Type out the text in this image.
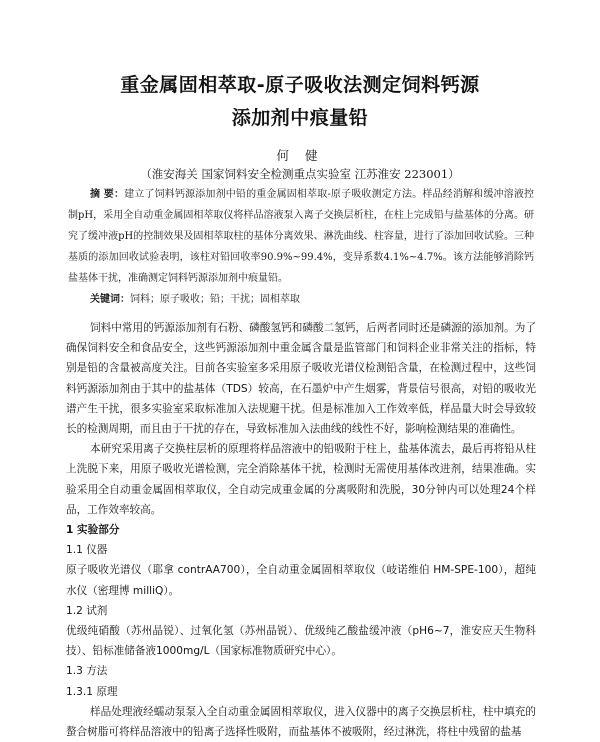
重金属固相萃取-原子吸收法测定饲料钙源
添加剂中痕量铅
何 健
（淮安海关 国家饲料安全检测重点实验室 江苏淮安 223001）
摘 要：建立了饲料钙源添加剂中铅的重金属固相萃取-原子吸收测定方法。样品经消解和缓冲溶液控制pH，采用全自动重金属固相萃取仪将样品溶液泵入离子交换层析柱，在柱上完成铅与盐基体的分离。研究了缓冲液pH的控制效果及固相萃取柱的基体分离效果、淋洗曲线、柱容量，进行了添加回收试验。三种基质的添加回收试验表明，该柱对铅回收率90.9%~99.4%，变异系数4.1%~4.7%。该方法能够消除钙盐基体干扰，准确测定饲料钙源添加剂中痕量铅。
关键词：饲料；原子吸收；铅；干扰；固相萃取

饲料中常用的钙源添加剂有石粉、磷酸氢钙和磷酸二氢钙，后两者同时还是磷源的添加剂。为了确保饲料安全和食品安全，这些钙源添加剂中重金属含量是监管部门和饲料企业非常关注的指标，特别是铅的含量被高度关注。目前各实验室多采用原子吸收光谱仪检测铅含量，在检测过程中，这些饲料钙源添加剂由于其中的盐基体（TDS）较高，在石墨炉中产生烟雾，背景信号很高，对铅的吸收光谱产生干扰，很多实验室采取标准加入法规避干扰。但是标准加入工作效率低，样品量大时会导致较长的检测周期，而且由于干扰的存在，导致标准加入法曲线的线性不好，影响检测结果的准确性。

本研究采用离子交换柱层析的原理将样品溶液中的铅吸附于柱上，盐基体流去，最后再将铅从柱上洗脱下来，用原子吸收光谱检测，完全消除基体干扰，检测时无需使用基体改进剂，结果准确。实验采用全自动重金属固相萃取仪，全自动完成重金属的分离吸附和洗脱，30分钟内可以处理24个样品，工作效率较高。

1 实验部分

1.1 仪器

原子吸收光谱仪（耶拿 contrAA700），全自动重金属固相萃取仪（岐诺维伯 HM-SPE-100），超纯水仪（密理博 milliQ）。

1.2 试剂

优级纯硝酸（苏州晶锐）、过氧化氢（苏州晶锐）、优级纯乙酸盐缓冲液（pH6~7，淮安应天生物科技）、铅标准储备液1000mg/L（国家标准物质研究中心）。

1.3 方法

1.3.1 原理

样品处理液经蠕动泵泵入全自动重金属固相萃取仪，进入仪器中的离子交换层析柱，柱中填充的螯合树脂可将样品溶液中的铅离子选择性吸附，而盐基体不被吸附，经过淋洗，将柱中残留的盐基
